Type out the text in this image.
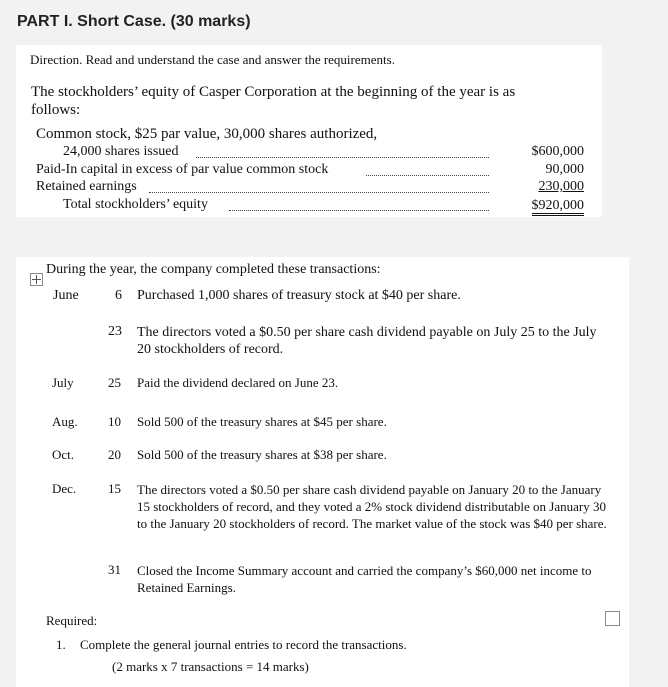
PART I. Short Case. (30 marks)
Direction. Read and understand the case and answer the requirements.
The stockholders’ equity of Casper Corporation at the beginning of the year is as
follows:
Common stock, $25 par value, 30,000 shares authorized,
24,000 shares issued	$600,000
Paid-In capital in excess of par value common stock	90,000
Retained earnings	230,000
Total stockholders’ equity	$920,000
During the year, the company completed these transactions:
June	6 Purchased 1,000 shares of treasury stock at $40 per share.
23 The directors voted a $0.50 per share cash dividend payable on July 25 to the July 20 stockholders of record.
July	25 Paid the dividend declared on June 23.
Aug. 10 Sold 500 of the treasury shares at $45 per share.
Oct.	20 Sold 500 of the treasury shares at $38 per share.
Dec. 15 The directors voted a $0.50 per share cash dividend payable on January 20 to the January 15 stockholders of record, and they voted a 2% stock dividend distributable on January 30 to the January 20 stockholders of record. The market value of the stock was $40 per share.
31 Closed the Income Summary account and carried the company’s $60,000 net income to Retained Earnings.
Required:
1. Complete the general journal entries to record the transactions.
(2 marks x 7 transactions = 14 marks)
